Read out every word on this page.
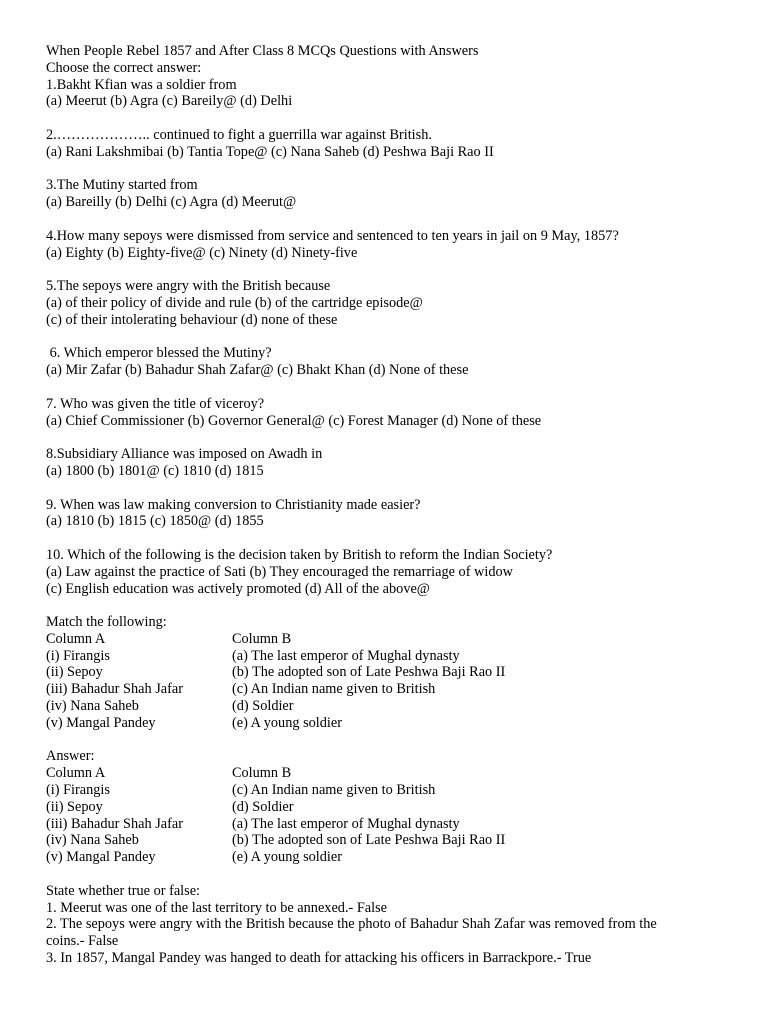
When People Rebel 1857 and After Class 8 MCQs Questions with Answers
Choose the correct answer:
1.Bakht Kfian was a soldier from
(a) Meerut (b) Agra (c) Bareily@ (d) Delhi
2.……………….. continued to fight a guerrilla war against British.
(a) Rani Lakshmibai (b) Tantia Tope@ (c) Nana Saheb (d) Peshwa Baji Rao II
3.The Mutiny started from
(a) Bareilly (b) Delhi (c) Agra (d) Meerut@
4.How many sepoys were dismissed from service and sentenced to ten years in jail on 9 May, 1857?
(a) Eighty (b) Eighty-five@ (c) Ninety (d) Ninety-five
5.The sepoys were angry with the British because
(a) of their policy of divide and rule (b) of the cartridge episode@
(c) of their intolerating behaviour (d) none of these
6. Which emperor blessed the Mutiny?
(a) Mir Zafar (b) Bahadur Shah Zafar@ (c) Bhakt Khan (d) None of these
7. Who was given the title of viceroy?
(a) Chief Commissioner (b) Governor General@ (c) Forest Manager (d) None of these
8.Subsidiary Alliance was imposed on Awadh in
(a) 1800 (b) 1801@ (c) 1810 (d) 1815
9. When was law making conversion to Christianity made easier?
(a) 1810 (b) 1815 (c) 1850@ (d) 1855
10. Which of the following is the decision taken by British to reform the Indian Society?
(a) Law against the practice of Sati (b) They encouraged the remarriage of widow
(c) English education was actively promoted (d) All of the above@
Match the following:
Column A	Column B
(i) Firangis	(a) The last emperor of Mughal dynasty
(ii) Sepoy	(b) The adopted son of Late Peshwa Baji Rao II
(iii) Bahadur Shah Jafar	(c) An Indian name given to British
(iv) Nana Saheb	(d) Soldier
(v) Mangal Pandey	(e) A young soldier
Answer:
Column A	Column B
(i) Firangis	(c) An Indian name given to British
(ii) Sepoy	(d) Soldier
(iii) Bahadur Shah Jafar	(a) The last emperor of Mughal dynasty
(iv) Nana Saheb	(b) The adopted son of Late Peshwa Baji Rao II
(v) Mangal Pandey	(e) A young soldier
State whether true or false:
1. Meerut was one of the last territory to be annexed.- False
2. The sepoys were angry with the British because the photo of Bahadur Shah Zafar was removed from the
coins.- False
3. In 1857, Mangal Pandey was hanged to death for attacking his officers in Barrackpore.- True
